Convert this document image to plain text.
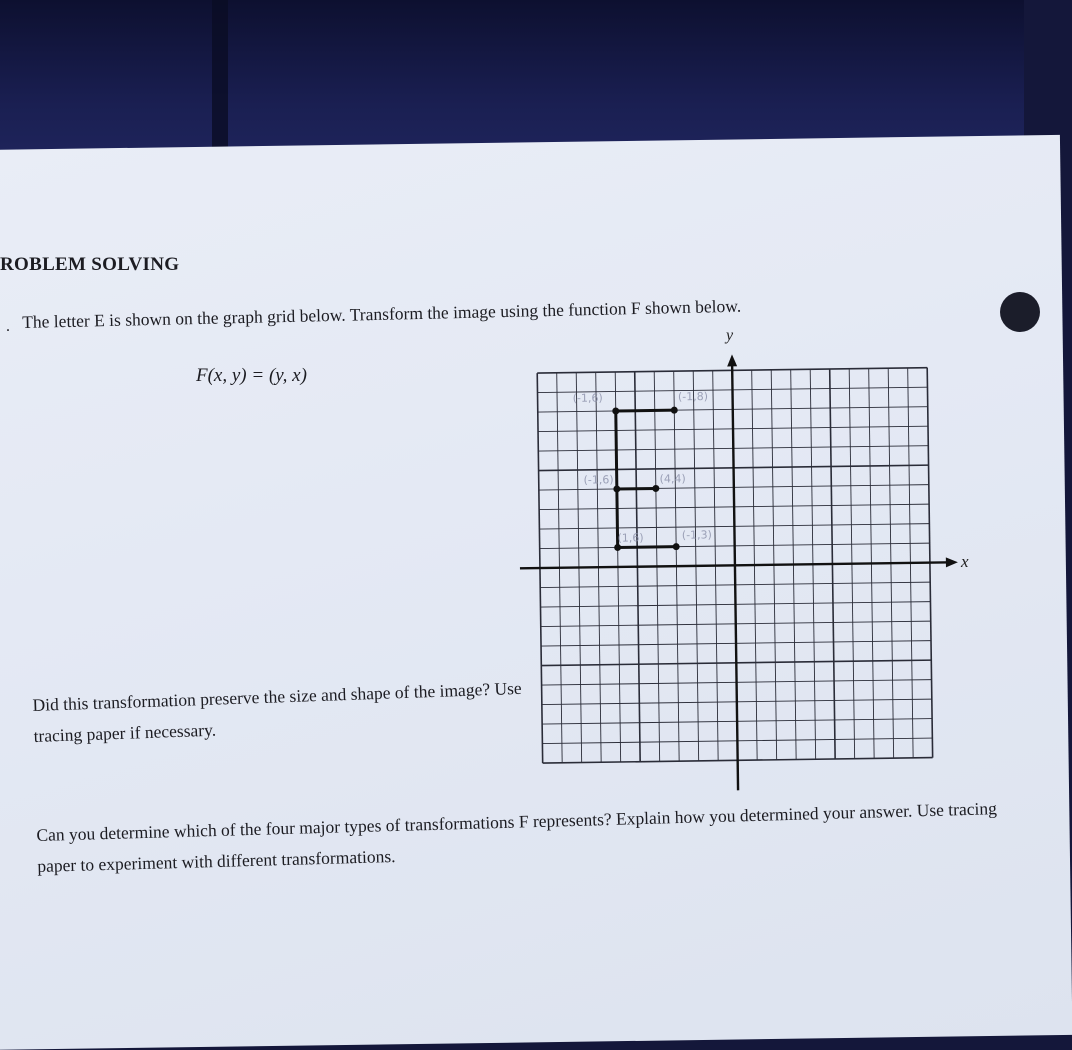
ROBLEM SOLVING
. The letter E is shown on the graph grid below. Transform the image using the function F shown below.
F(x, y) = (y, x)
(-1,6)	(-1,8)
(-1,6)	(4,4)
(1,6)	(-1,3)
y
x
Did this transformation preserve the size and shape of the image? Use tracing paper if necessary.
Can you determine which of the four major types of transformations F represents? Explain how you determined your answer. Use tracing paper to experiment with different transformations.
